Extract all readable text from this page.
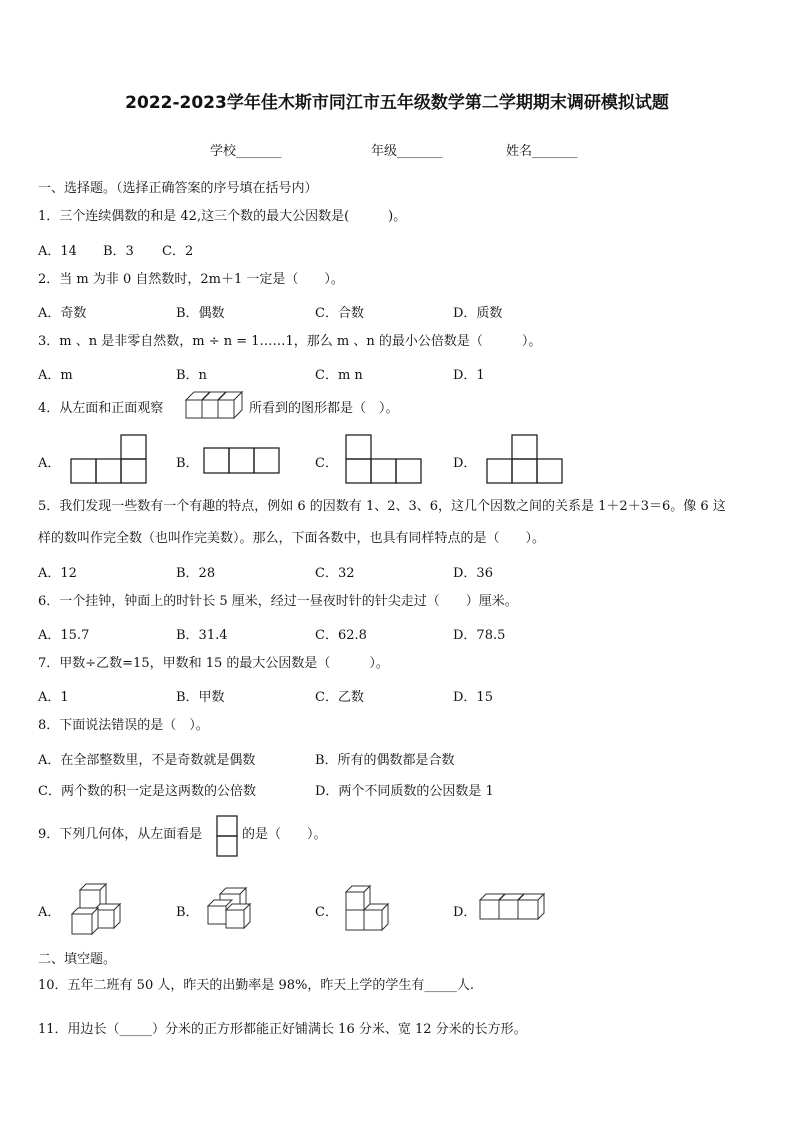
2022-2023学年佳木斯市同江市五年级数学第二学期期末调研模拟试题
学校_______	年级_______	姓名_______
一、选择题。（选择正确答案的序号填在括号内）
1．三个连续偶数的和是 42,这三个数的最大公因数是(　　　)。
A．14 B．3 C．2
2．当 m 为非 0 自然数时，2m＋1 一定是（　　）。
A．奇数	B．偶数	C．合数	D．质数
3．m 、n 是非零自然数，m ÷ n = 1……1，那么 m 、n 的最小公倍数是（　　　）。
A．m	B．n	C．m n	D．1
4．从左面和正面观察	所看到的图形都是（　）。
A．	B．	C．	D．
5．我们发现一些数有一个有趣的特点，例如 6 的因数有 1、2、3、6，这几个因数之间的关系是 1＋2＋3＝6。像 6 这
样的数叫作完全数（也叫作完美数）。那么，下面各数中，也具有同样特点的是（　　）。
A．12	B．28	C．32	D．36
6．一个挂钟，钟面上的时针长 5 厘米，经过一昼夜时针的针尖走过（　　）厘米。
A．15.7	B．31.4	C．62.8	D．78.5
7．甲数÷乙数=15，甲数和 15 的最大公因数是（　　　）。
A．1	B．甲数	C．乙数	D．15
8．下面说法错误的是（　）。
A．在全部整数里，不是奇数就是偶数	B．所有的偶数都是合数
C．两个数的积一定是这两数的公倍数	D．两个不同质数的公因数是 1
9．下列几何体，从左面看是	的是（　　）。
A．	B．	C．	D．
二、填空题。
10．五年二班有 50 人，昨天的出勤率是 98%，昨天上学的学生有_____人.
11．用边长（_____）分米的正方形都能正好铺满长 16 分米、宽 12 分米的长方形。
